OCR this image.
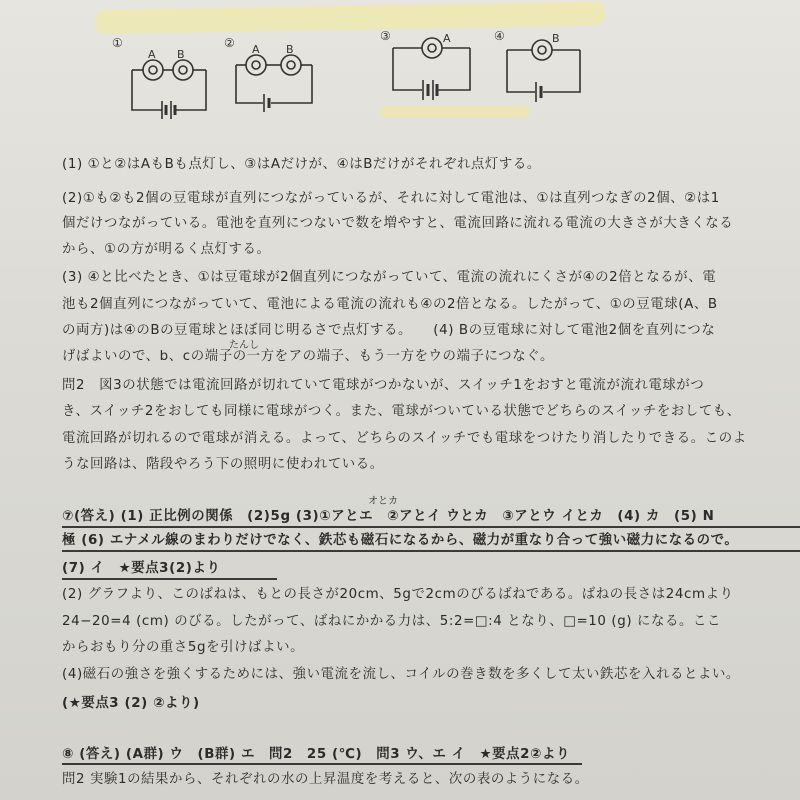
①
A B
② A B
③	A	④	B
たんし
オとカ
(1) ①と②はAもBも点灯し、③はAだけが、④はBだけがそれぞれ点灯する。
(2)①も②も2個の豆電球が直列につながっているが、それに対して電池は、①は直列つなぎの2個、②は1
個だけつながっている。電池を直列につないで数を増やすと、電流回路に流れる電流の大きさが大きくなる
から、①の方が明るく点灯する。
(3) ④と比べたとき、①は豆電球が2個直列につながっていて、電流の流れにくさが④の2倍となるが、電
池も2個直列につながっていて、電池による電流の流れも④の2倍となる。したがって、①の豆電球(A、B
の両方)は④のBの豆電球とほぼ同じ明るさで点灯する。　　(4) Bの豆電球に対して電池2個を直列につな
げばよいので、b、cの端子の一方をアの端子、もう一方をウの端子につなぐ。
問2　図3の状態では電流回路が切れていて電球がつかないが、スイッチ1をおすと電流が流れ電球がつ
き、スイッチ2をおしても同様に電球がつく。また、電球がついている状態でどちらのスイッチをおしても、
電流回路が切れるので電球が消える。よって、どちらのスイッチでも電球をつけたり消したりできる。このよ
うな回路は、階段やろう下の照明に使われている。
⑦(答え) (1) 正比例の関係　(2)5g (3)①アとエ　②アとイ ウとカ　③アとウ イとカ　(4) カ　(5) N
極 (6) エナメル線のまわりだけでなく、鉄芯も磁石になるから、磁力が重なり合って強い磁力になるので。
(7) イ　★要点3(2)より
(2) グラフより、このばねは、もとの長さが20cm、5gで2cmのびるばねである。ばねの長さは24cmより
24−20=4 (cm) のびる。したがって、ばねにかかる力は、5:2=□:4 となり、□=10 (g) になる。ここ
からおもり分の重さ5gを引けばよい。
(4)磁石の強さを強くするためには、強い電流を流し、コイルの巻き数を多くして太い鉄芯を入れるとよい。
(★要点3 (2) ②より)
⑧ (答え) (A群) ウ　(B群) エ　問2　25 (℃)　問3 ウ、エ イ　★要点2②より
問2 実験1の結果から、それぞれの水の上昇温度を考えると、次の表のようになる。
